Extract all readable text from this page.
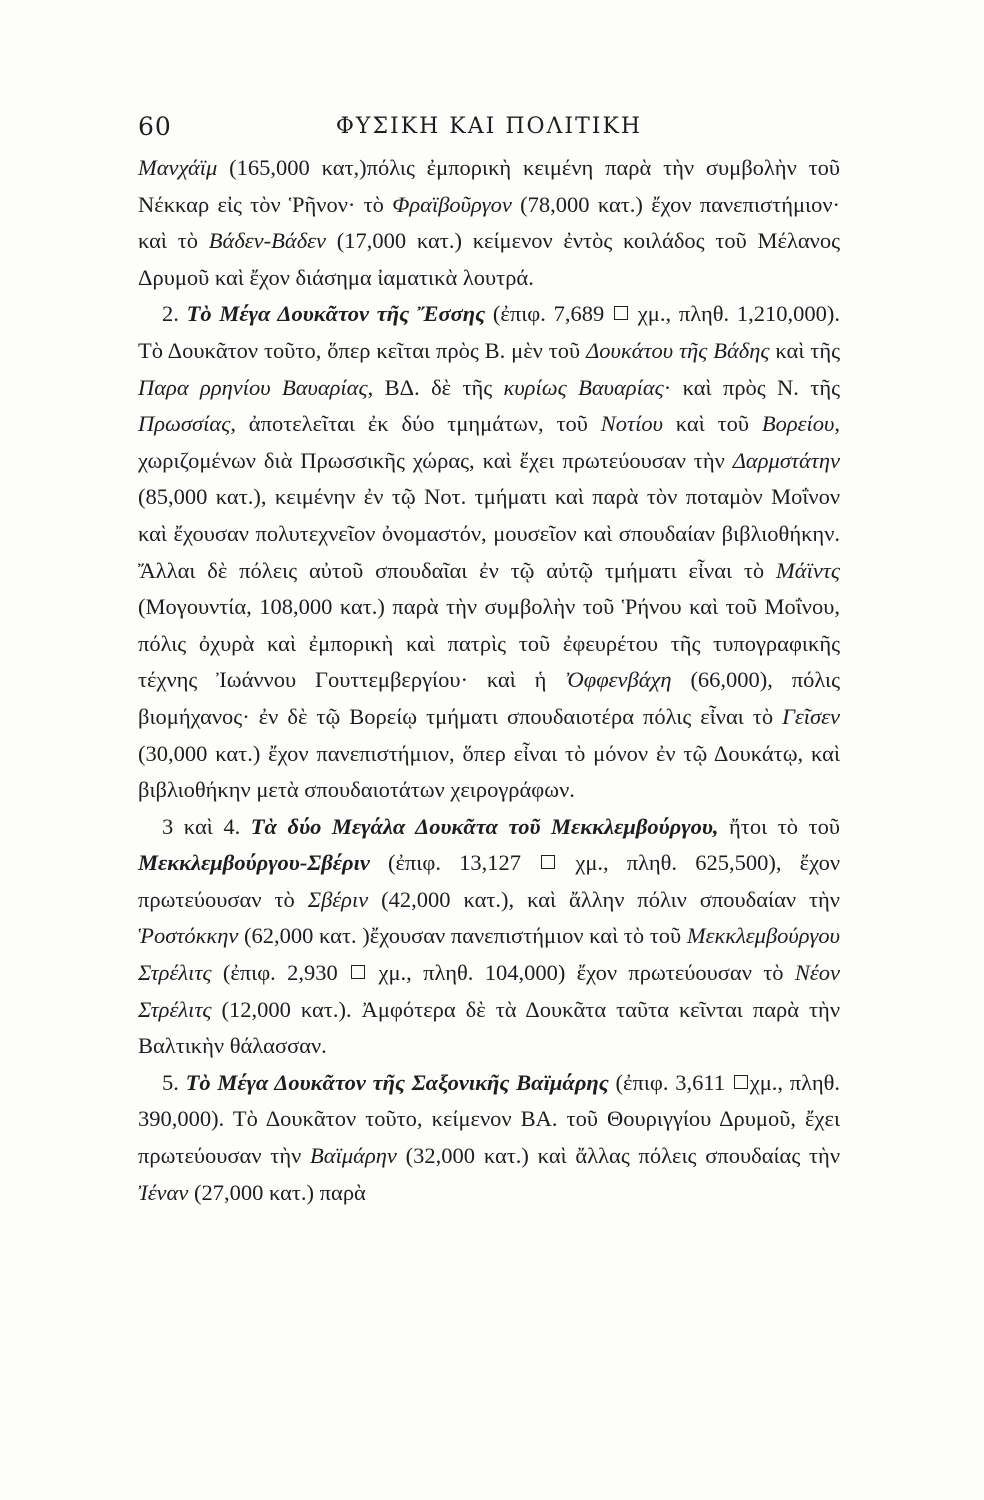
60	ΦΥΣΙΚΗ ΚΑΙ ΠΟΛΙΤΙΚΗ

Μανχάϊμ (165,000 κατ,)πόλις ἐμπορικὴ κειμένη παρὰ τὴν συμβολὴν τοῦ Νέκκαρ εἰς τὸν Ῥῆνον· τὸ Φραϊβοῦργον (78,000 κατ.) ἔχον πανεπιστήμιον· καὶ τὸ Βάδεν-Βάδεν (17,000 κατ.) κείμενον ἐντὸς κοιλάδος τοῦ Μέλανος Δρυμοῦ καὶ ἔχον διάσημα ἰαματικὰ λουτρά.

2. Τὸ Μέγα Δουκᾶτον τῆς Ἔσσης (ἐπιφ. 7,689  χμ., πληθ. 1,210,000). Τὸ Δουκᾶτον τοῦτο, ὅπερ κεῖται πρὸς Β. μὲν τοῦ Δουκάτου τῆς Βάδης καὶ τῆς Παρα ρρηνίου Βαυαρίας, ΒΔ. δὲ τῆς κυρίως Βαυαρίας· καὶ πρὸς Ν. τῆς Πρωσσίας, ἀποτελεῖται ἐκ δύο τμημάτων, τοῦ Νοτίου καὶ τοῦ Βορείου, χωριζομένων διὰ Πρωσσικῆς χώρας, καὶ ἔχει πρωτεύουσαν τὴν Δαρμστάτην (85,000 κατ.), κειμένην ἐν τῷ Νοτ. τμήματι καὶ παρὰ τὸν ποταμὸν Μοΐνον καὶ ἔχουσαν πολυτεχνεῖον ὀνομαστόν, μουσεῖον καὶ σπουδαίαν βιβλιοθήκην. Ἄλλαι δὲ πόλεις αὐτοῦ σπουδαῖαι ἐν τῷ αὐτῷ τμήματι εἶναι τὸ Μάϊντς (Μογουντία, 108,000 κατ.) παρὰ τὴν συμβολὴν τοῦ Ῥήνου καὶ τοῦ Μοΐνου, πόλις ὀχυρὰ καὶ ἐμπορικὴ καὶ πατρὶς τοῦ ἐφευρέτου τῆς τυπογραφικῆς τέχνης Ἰωάννου Γουττεμβεργίου· καὶ ἡ Ὀφφενβάχη (66,000), πόλις βιομήχανος· ἐν δὲ τῷ Βορείῳ τμήματι σπουδαιοτέρα πόλις εἶναι τὸ Γεῖσεν (30,000 κατ.) ἔχον πανεπιστήμιον, ὅπερ εἶναι τὸ μόνον ἐν τῷ Δουκάτῳ, καὶ βιβλιοθήκην μετὰ σπουδαιοτάτων χειρογράφων.

3 καὶ 4. Τὰ δύο Μεγάλα Δουκᾶτα τοῦ Μεκκλεμβούργου, ἤτοι τὸ τοῦ Μεκκλεμβούργου-Σβέριν (ἐπιφ. 13,127  χμ., πληθ. 625,500), ἔχον πρωτεύουσαν τὸ Σβέριν (42,000 κατ.), καὶ ἄλλην πόλιν σπουδαίαν τὴν Ῥοστόκκην (62,000 κατ. )ἔχουσαν πανεπιστήμιον καὶ τὸ τοῦ Μεκκλεμβούργου Στρέλιτς (ἐπιφ. 2,930  χμ., πληθ. 104,000) ἔχον πρωτεύουσαν τὸ Νέον Στρέλιτς (12,000 κατ.). Ἀμφότερα δὲ τὰ Δουκᾶτα ταῦτα κεῖνται παρὰ τὴν Βαλτικὴν θάλασσαν.

5. Τὸ Μέγα Δουκᾶτον τῆς Σαξονικῆς Βαϊμάρης (ἐπιφ. 3,611 χμ., πληθ. 390,000). Τὸ Δουκᾶτον τοῦτο, κείμενον ΒΑ. τοῦ Θουριγγίου Δρυμοῦ, ἔχει πρωτεύουσαν τὴν Βαϊμάρην (32,000 κατ.) καὶ ἄλλας πόλεις σπουδαίας τὴν Ἰέναν (27,000 κατ.) παρὰ
